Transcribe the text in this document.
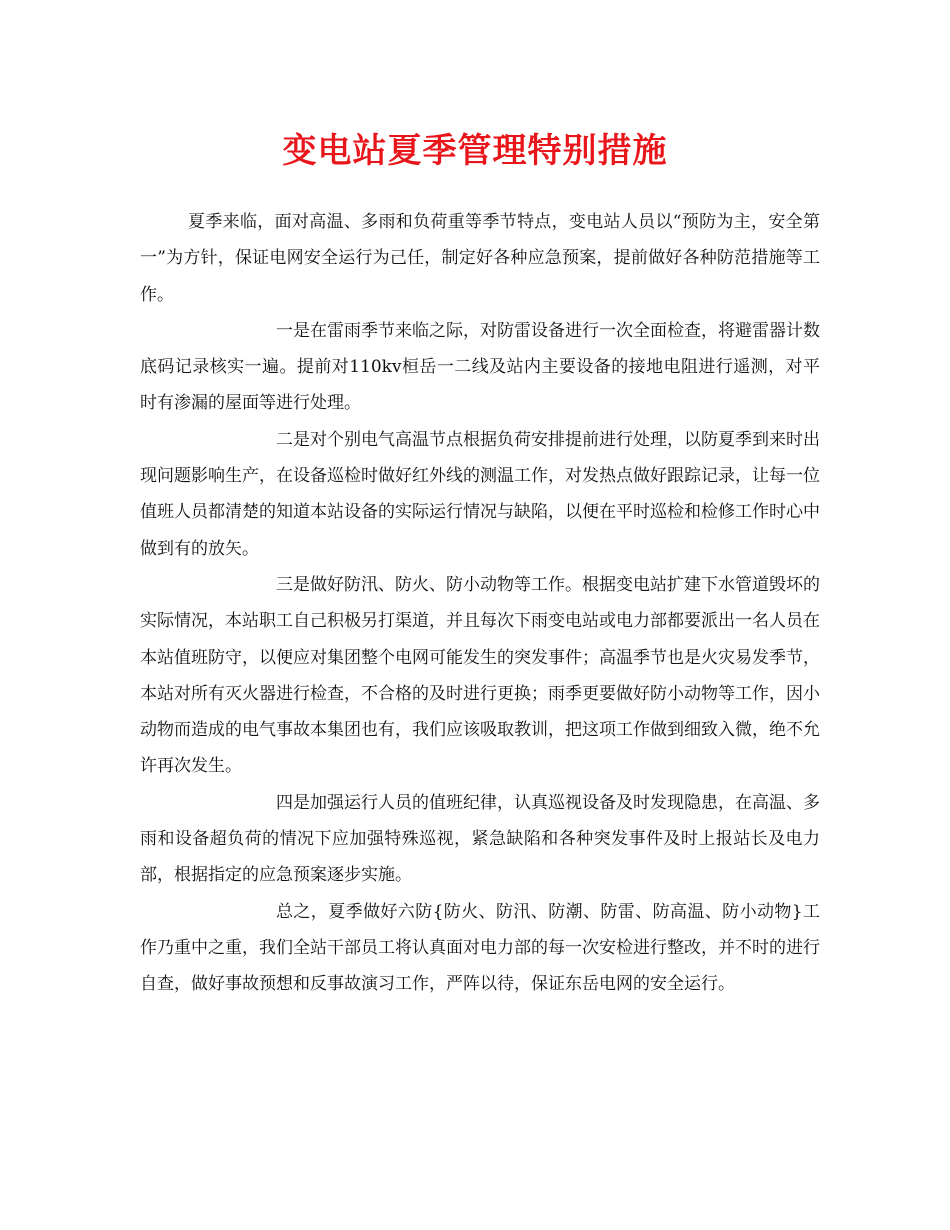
变电站夏季管理特别措施

夏季来临，面对高温、多雨和负荷重等季节特点，变电站人员以“预防为主，安全第一”为方针，保证电网安全运行为己任，制定好各种应急预案，提前做好各种防范措施等工作。

一是在雷雨季节来临之际，对防雷设备进行一次全面检查，将避雷器计数底码记录核实一遍。提前对110kv桓岳一二线及站内主要设备的接地电阻进行遥测，对平时有渗漏的屋面等进行处理。

二是对个别电气高温节点根据负荷安排提前进行处理，以防夏季到来时出现问题影响生产，在设备巡检时做好红外线的测温工作，对发热点做好跟踪记录，让每一位值班人员都清楚的知道本站设备的实际运行情况与缺陷，以便在平时巡检和检修工作时心中做到有的放矢。

三是做好防汛、防火、防小动物等工作。根据变电站扩建下水管道毁坏的实际情况，本站职工自己积极另打渠道，并且每次下雨变电站或电力部都要派出一名人员在本站值班防守，以便应对集团整个电网可能发生的突发事件；高温季节也是火灾易发季节，本站对所有灭火器进行检查，不合格的及时进行更换；雨季更要做好防小动物等工作，因小动物而造成的电气事故本集团也有，我们应该吸取教训，把这项工作做到细致入微，绝不允许再次发生。

四是加强运行人员的值班纪律，认真巡视设备及时发现隐患，在高温、多雨和设备超负荷的情况下应加强特殊巡视，紧急缺陷和各种突发事件及时上报站长及电力部，根据指定的应急预案逐步实施。

总之，夏季做好六防{防火、防汛、防潮、防雷、防高温、防小动物}工作乃重中之重，我们全站干部员工将认真面对电力部的每一次安检进行整改，并不时的进行自查，做好事故预想和反事故演习工作，严阵以待，保证东岳电网的安全运行。
